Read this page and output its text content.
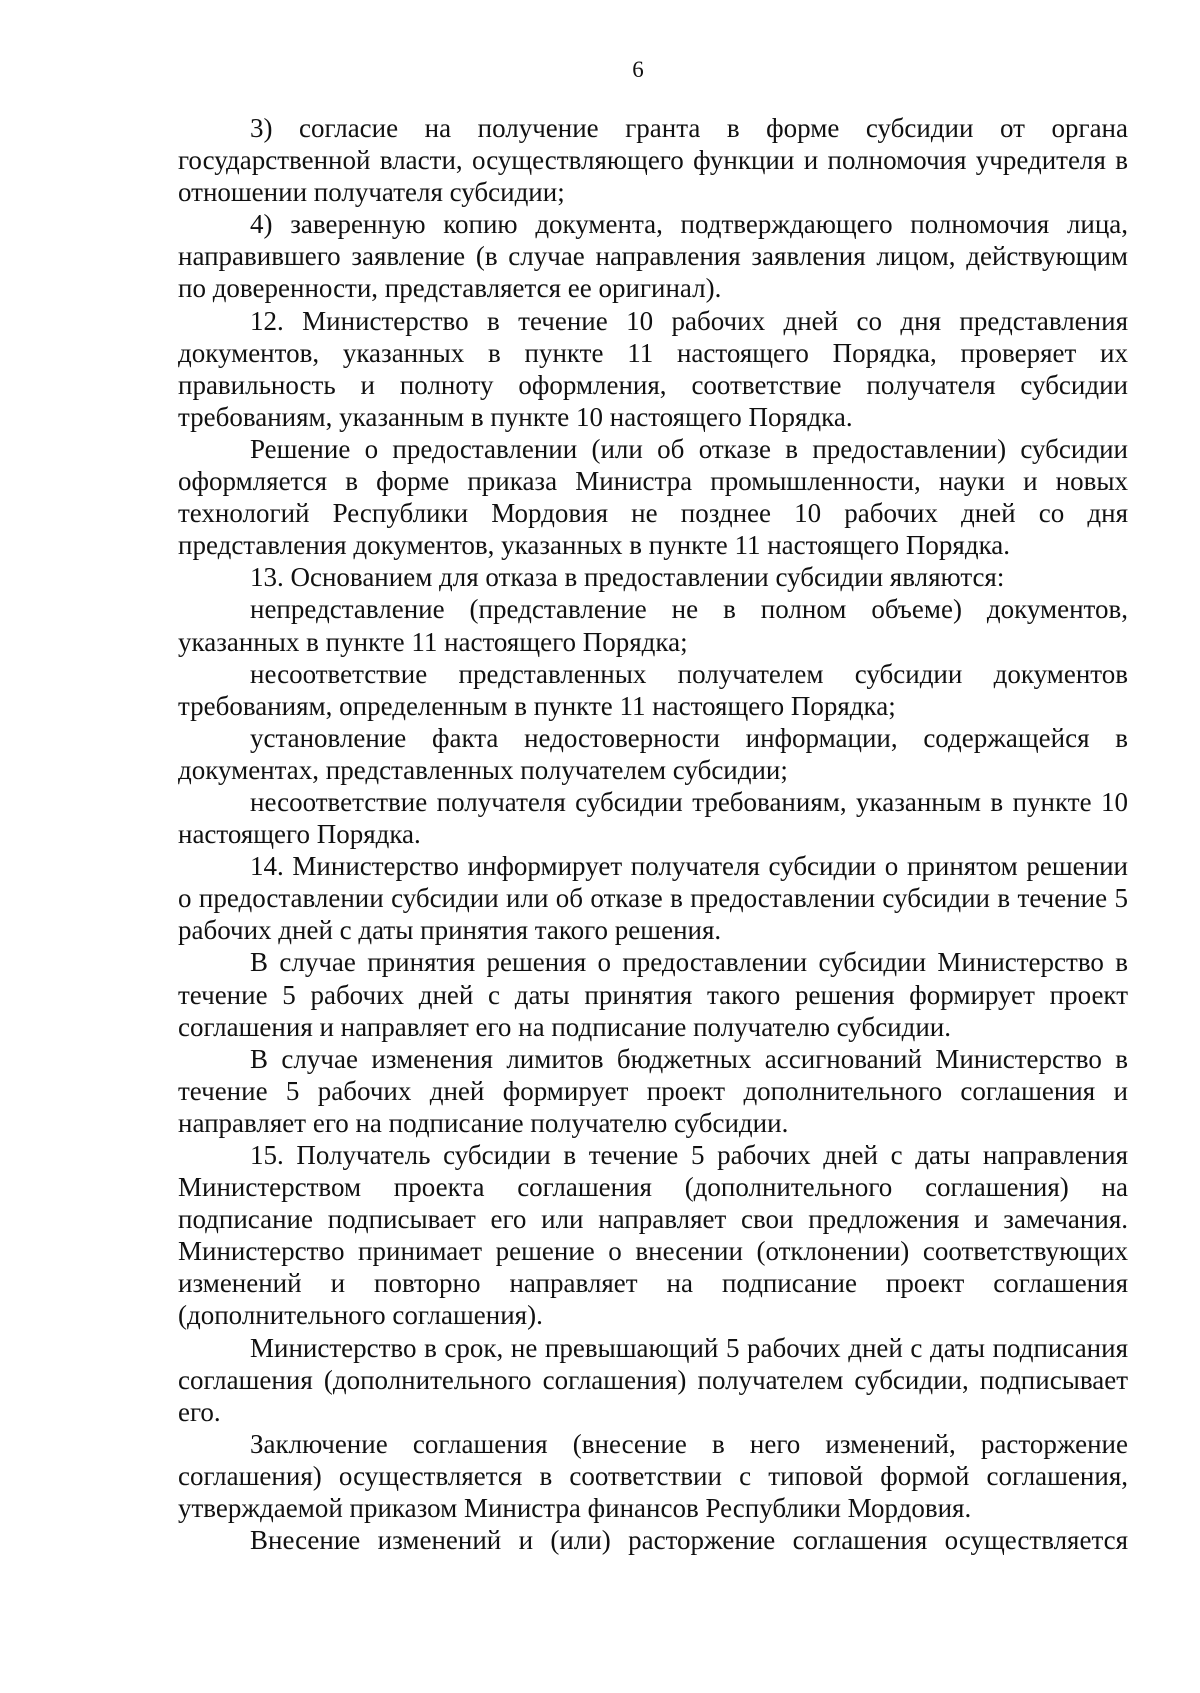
6

3) согласие на получение гранта в форме субсидии от органа государственной власти, осуществляющего функции и полномочия учредителя в отношении получателя субсидии;

4) заверенную копию документа, подтверждающего полномочия лица, направившего заявление (в случае направления заявления лицом, действующим по доверенности, представляется ее оригинал).

12. Министерство в течение 10 рабочих дней со дня представления документов, указанных в пункте 11 настоящего Порядка, проверяет их правильность и полноту оформления, соответствие получателя субсидии требованиям, указанным в пункте 10 настоящего Порядка.

Решение о предоставлении (или об отказе в предоставлении) субсидии оформляется в форме приказа Министра промышленности, науки и новых технологий Республики Мордовия не позднее 10 рабочих дней со дня представления документов, указанных в пункте 11 настоящего Порядка.

13. Основанием для отказа в предоставлении субсидии являются:

непредставление (представление не в полном объеме) документов, указанных в пункте 11 настоящего Порядка;

несоответствие представленных получателем субсидии документов требованиям, определенным в пункте 11 настоящего Порядка;

установление факта недостоверности информации, содержащейся в документах, представленных получателем субсидии;

несоответствие получателя субсидии требованиям, указанным в пункте 10 настоящего Порядка.

14. Министерство информирует получателя субсидии о принятом решении о предоставлении субсидии или об отказе в предоставлении субсидии в течение 5 рабочих дней с даты принятия такого решения.

В случае принятия решения о предоставлении субсидии Министерство в течение 5 рабочих дней с даты принятия такого решения формирует проект соглашения и направляет его на подписание получателю субсидии.

В случае изменения лимитов бюджетных ассигнований Министерство в течение 5 рабочих дней формирует проект дополнительного соглашения и направляет его на подписание получателю субсидии.

15. Получатель субсидии в течение 5 рабочих дней с даты направления Министерством проекта соглашения (дополнительного соглашения) на подписание подписывает его или направляет свои предложения и замечания. Министерство принимает решение о внесении (отклонении) соответствующих изменений и повторно направляет на подписание проект соглашения (дополнительного соглашения).

Министерство в срок, не превышающий 5 рабочих дней с даты подписания соглашения (дополнительного соглашения) получателем субсидии, подписывает его.

Заключение соглашения (внесение в него изменений, расторжение соглашения) осуществляется в соответствии с типовой формой соглашения, утверждаемой приказом Министра финансов Республики Мордовия.

Внесение изменений и (или) расторжение соглашения осуществляется
